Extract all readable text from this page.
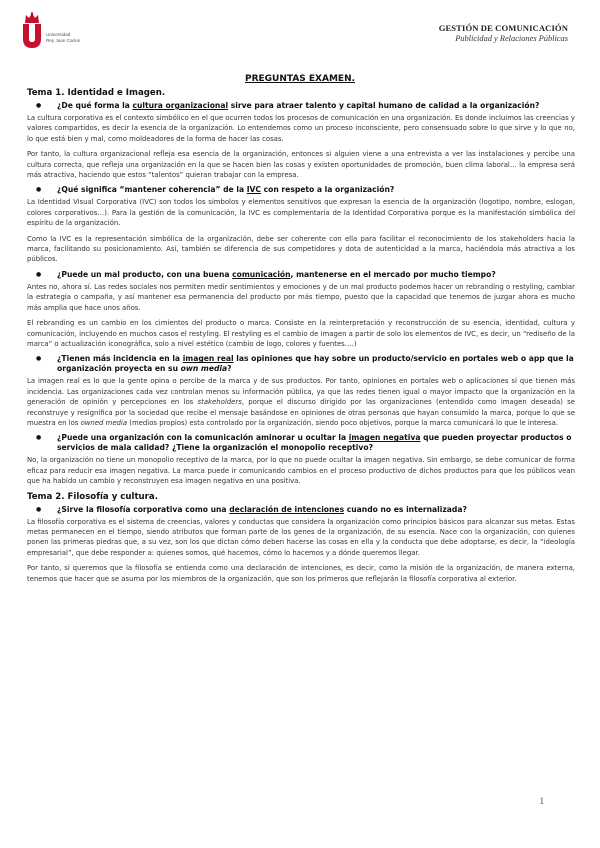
Universidad
Rey Juan Carlos
GESTIÓN DE COMUNICACIÓN
Publicidad y Relaciones Públicas
PREGUNTAS EXAMEN.
Tema 1. Identidad e Imagen.
● ¿De qué forma la cultura organizacional sirve para atraer talento y capital humano de calidad a la organización?
La cultura corporativa es el contexto simbólico en el que ocurren todos los procesos de comunicación en una organización. Es donde incluimos las creencias y valores compartidos, es decir la esencia de la organización. Lo entendemos como un proceso inconsciente, pero consensuado sobre lo que sirve y lo que no, lo que está bien y mal, como moldeadores de la forma de hacer las cosas.
Por tanto, la cultura organizacional refleja esa esencia de la organización, entonces si alguien viene a una entrevista a ver las instalaciones y percibe una cultura correcta, que refleja una organización en la que se hacen bien las cosas y existen oportunidades de promoción, buen clima laboral… la empresa será más atractiva, haciendo que estos “talentos” quieran trabajar con la empresa.
● ¿Qué significa “mantener coherencia” de la IVC con respeto a la organización?
La Identidad Visual Corporativa (IVC) son todos los símbolos y elementos sensitivos que expresan la esencia de la organización (logotipo, nombre, eslogan, colores corporativos…). Para la gestión de la comunicación, la IVC es complementaria de la Identidad Corporativa porque es la manifestación simbólica del espíritu de la organización.
Como la IVC es la representación simbólica de la organización, debe ser coherente con ella para facilitar el reconocimiento de los stakeholders hacia la marca, facilitando su posicionamiento. Así, también se diferencia de sus competidores y dota de autenticidad a la marca, haciéndola más atractiva a los públicos.
● ¿Puede un mal producto, con una buena comunicación, mantenerse en el mercado por mucho tiempo?
Antes no, ahora sí. Las redes sociales nos permiten medir sentimientos y emociones y de un mal producto podemos hacer un rebranding o restyling, cambiar la estrategia o campaña, y así mantener esa permanencia del producto por más tiempo, puesto que la capacidad que tenemos de juzgar ahora es mucho más amplia que hace unos años.
El rebranding es un cambio en los cimientos del producto o marca. Consiste en la reinterpretación y reconstrucción de su esencia, identidad, cultura y comunicación, incluyendo en muchos casos el restyling. El restyling es el cambio de imagen a partir de solo los elementos de IVC, es decir, un “rediseño de la marca” o actualización iconográfica, solo a nivel estético (cambio de logo, colores y fuentes….)
● ¿Tienen más incidencia en la imagen real las opiniones que hay sobre un producto/servicio en portales web o app que la organización proyecta en su own media?
La imagen real es lo que la gente opina o percibe de la marca y de sus productos. Por tanto, opiniones en portales web o aplicaciones sí que tienen más incidencia. Las organizaciones cada vez controlan menos su información pública, ya que las redes tienen igual o mayor impacto que la organización en la generación de opinión y percepciones en los stakeholders, porque el discurso dirigido por las organizaciones (entendido como imagen deseada) se reconstruye y resignifica por la sociedad que recibe el mensaje basándose en opiniones de otras personas que hayan consumido la marca, porque lo que se muestra en los owned media (medios propios) esta controlado por la organización, siendo poco objetivos, porque la marca comunicará lo que le interesa.
● ¿Puede una organización con la comunicación aminorar u ocultar la imagen negativa que pueden proyectar productos o servicios de mala calidad? ¿Tiene la organización el monopolio receptivo?
No, la organización no tiene un monopolio receptivo de la marca, por lo que no puede ocultar la imagen negativa. Sin embargo, se debe comunicar de forma eficaz para reducir esa imagen negativa. La marca puede ir comunicando cambios en el proceso productivo de dichos productos para que los públicos vean que ha habido un cambio y reconstruyen esa imagen negativa en una positiva.
Tema 2. Filosofía y cultura.
● ¿Sirve la filosofía corporativa como una declaración de intenciones cuando no es internalizada?
La filosofía corporativa es el sistema de creencias, valores y conductas que considera la organización como principios básicos para alcanzar sus metas. Estas metas permanecen en el tiempo, siendo atributos que forman parte de los genes de la organización, de su esencia. Nace con la organización, con quienes ponen las primeras piedras que, a su vez, son los que dictan cómo deben hacerse las cosas en ella y la conducta que debe adoptarse, es decir, la “ideología empresarial”, que debe responder a: quienes somos, qué hacemos, cómo lo hacemos y a dónde queremos llegar.
Por tanto, si queremos que la filosofía se entienda como una declaración de intenciones, es decir, como la misión de la organización, de manera externa, tenemos que hacer que se asuma por los miembros de la organización, que son los primeros que reflejarán la filosofía corporativa al exterior.
1
